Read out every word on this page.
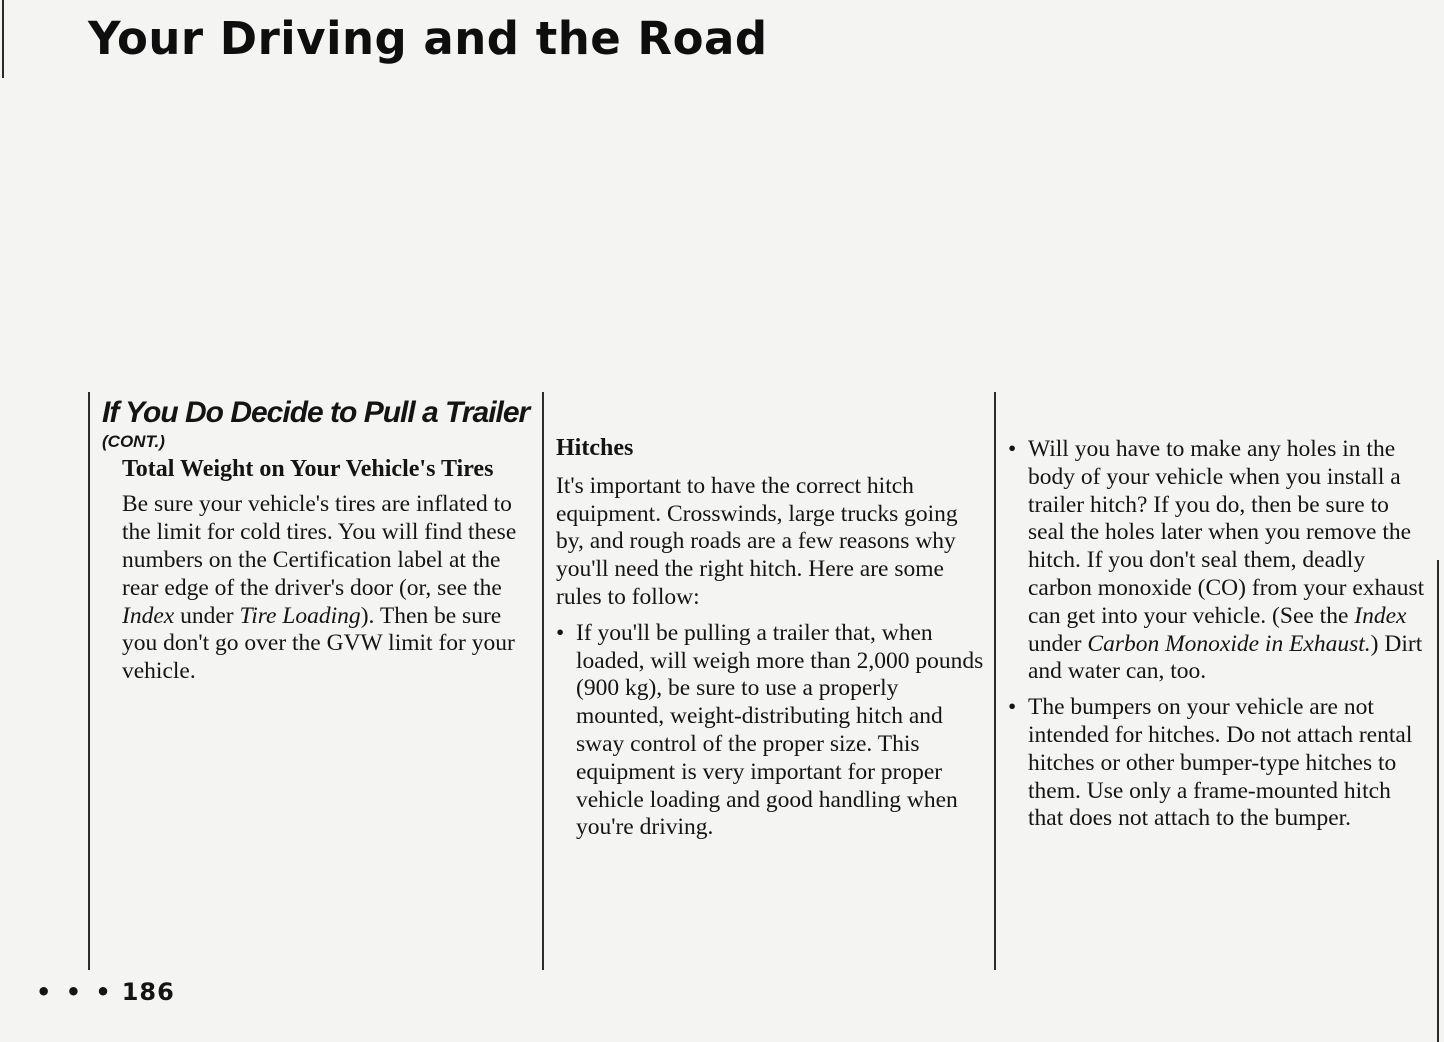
Your Driving and the Road
If You Do Decide to Pull a Trailer
(CONT.)
Total Weight on Your Vehicle's Tires

Be sure your vehicle's tires are inflated to the limit for cold tires. You will find these numbers on the Certification label at the rear edge of the driver's door (or, see the Index under Tire Loading). Then be sure you don't go over the GVW limit for your vehicle.

Hitches

It's important to have the correct hitch equipment. Crosswinds, large trucks going by, and rough roads are a few reasons why you'll need the right hitch. Here are some rules to follow:

• If you'll be pulling a trailer that, when loaded, will weigh more than 2,000 pounds (900 kg), be sure to use a properly mounted, weight-distributing hitch and sway control of the proper size. This equipment is very important for proper vehicle loading and good handling when you're driving.
• Will you have to make any holes in the body of your vehicle when you install a trailer hitch? If you do, then be sure to seal the holes later when you remove the hitch. If you don't seal them, deadly carbon monoxide (CO) from your exhaust can get into your vehicle. (See the Index under Carbon Monoxide in Exhaust.) Dirt and water can, too.
• The bumpers on your vehicle are not intended for hitches. Do not attach rental hitches or other bumper-type hitches to them. Use only a frame-mounted hitch that does not attach to the bumper.
• • • 186
